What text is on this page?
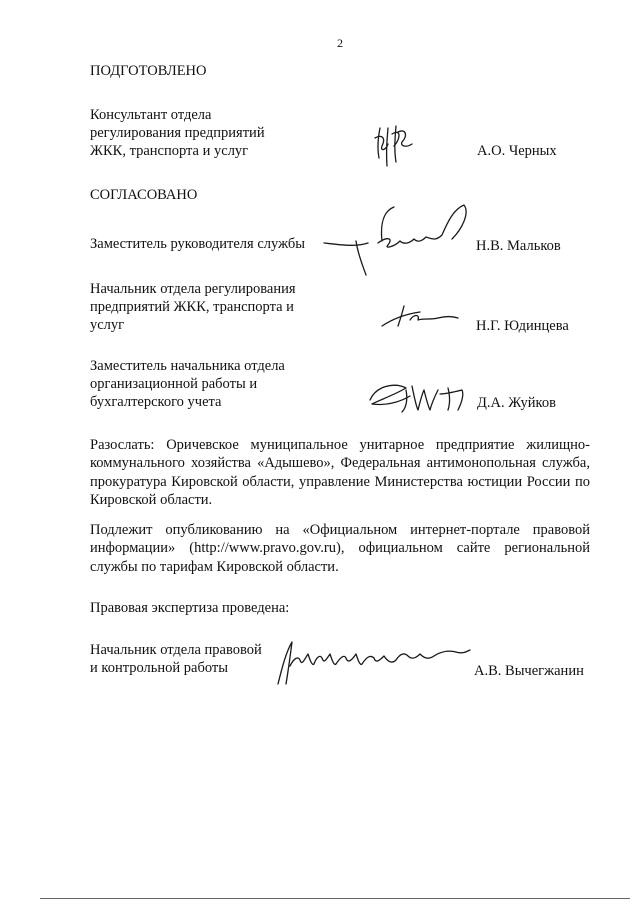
2
ПОДГОТОВЛЕНО
Консультант отдела
регулирования предприятий
ЖКК, транспорта и услуг	А.О. Черных
СОГЛАСОВАНО
Заместитель руководителя службы	Н.В. Мальков
Начальник отдела регулирования
предприятий ЖКК, транспорта и
услуг	Н.Г. Юдинцева
Заместитель начальника отдела
организационной работы и
бухгалтерского учета	Д.А. Жуйков
Разослать: Оричевское муниципальное унитарное предприятие жилищно-коммунального хозяйства «Адышево», Федеральная антимонопольная служба, прокуратура Кировской области, управление Министерства юстиции России по Кировской области.
Подлежит опубликованию на «Официальном интернет-портале правовой информации» (http://www.pravo.gov.ru), официальном сайте региональной службы по тарифам Кировской области.
Правовая экспертиза проведена:
Начальник отдела правовой
и контрольной работы	А.В. Вычегжанин
